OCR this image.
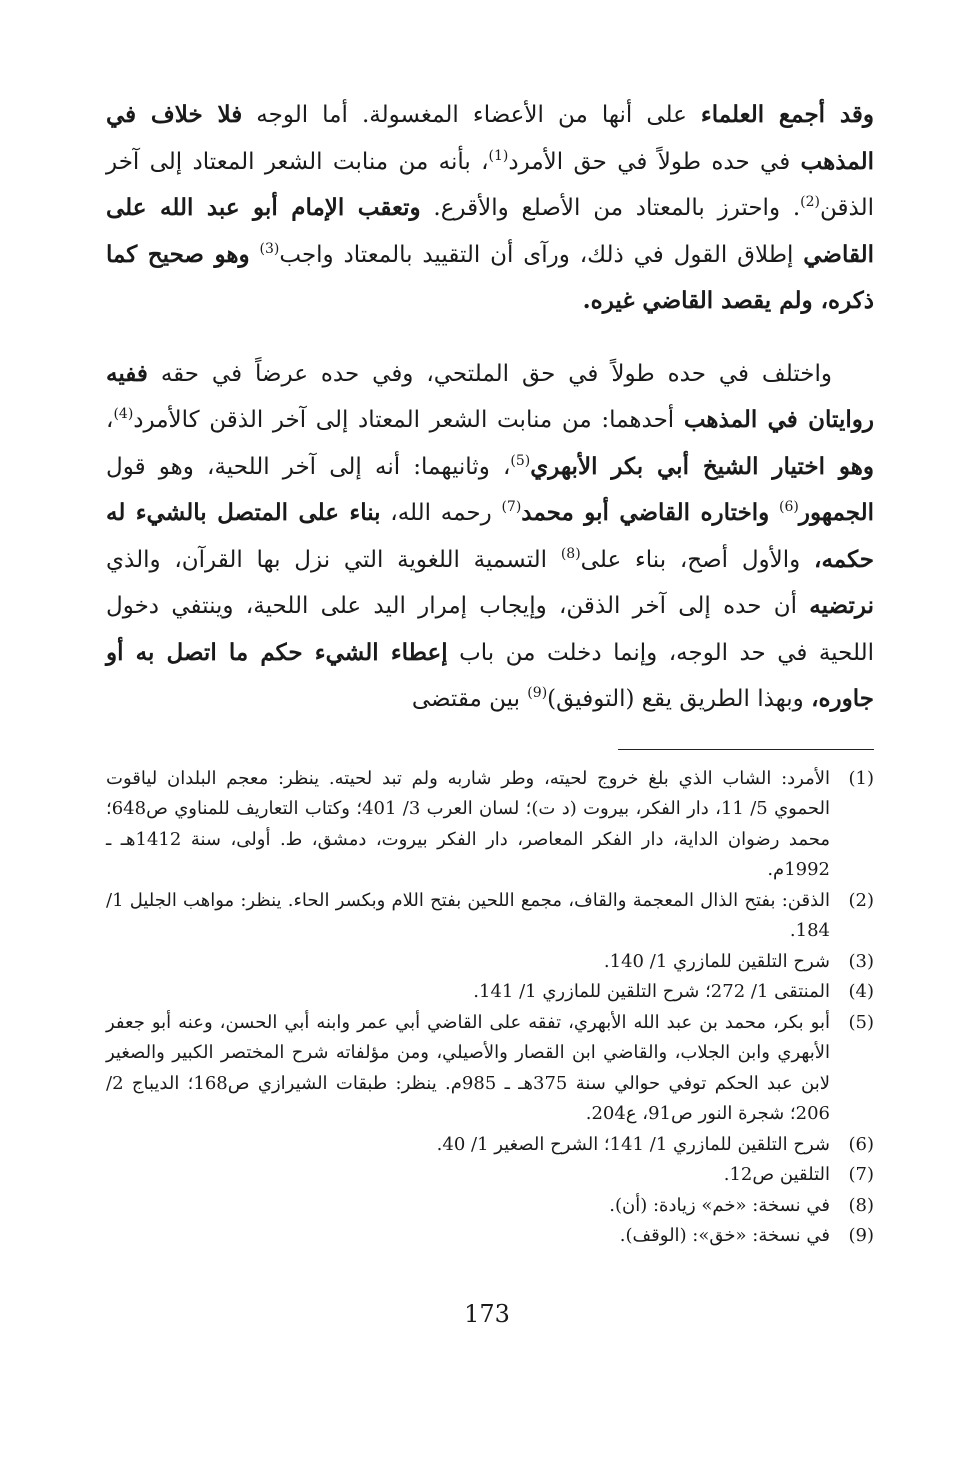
وقد أجمع العلماء على أنها من الأعضاء المغسولة. أما الوجه فلا خلاف في المذهب في حده طولاً في حق الأمرد$^{(1)}$، بأنه من منابت الشعر المعتاد إلى آخر الذقن$^{(2)}$. واحترز بالمعتاد من الأصلع والأقرع. وتعقب الإمام أبو عبد الله على القاضي إطلاق القول في ذلك، ورآى أن التقييد بالمعتاد واجب$^{(3)}$ وهو صحيح كما ذكره، ولم يقصد القاضي غيره.

واختلف في حده طولاً في حق الملتحي، وفي حده عرضاً في حقه ففيه روايتان في المذهب أحدهما: من منابت الشعر المعتاد إلى آخر الذقن كالأمرد$^{(4)}$، وهو اختيار الشيخ أبي بكر الأبهري$^{(5)}$، وثانيهما: أنه إلى آخر اللحية، وهو قول الجمهور$^{(6)}$ واختاره القاضي أبو محمد$^{(7)}$ رحمه الله، بناء على المتصل بالشيء له حكمه، والأول أصح، بناء على$^{(8)}$ التسمية اللغوية التي نزل بها القرآن، والذي نرتضيه أن حده إلى آخر الذقن، وإيجاب إمرار اليد على اللحية، وينتفي دخول اللحية في حد الوجه، وإنما دخلت من باب إعطاء الشيء حكم ما اتصل به أو جاوره، وبهذا الطريق يقع (التوفيق)$^{(9)}$ بين مقتضى

(1)
الأمرد: الشاب الذي بلغ خروج لحيته، وطر شاربه ولم تبد لحيته. ينظر: معجم البلدان لياقوت الحموي 5/ 11، دار الفكر، بيروت (د ت)؛ لسان العرب 3/ 401؛ وكتاب التعاريف للمناوي ص648؛ محمد رضوان الداية، دار الفكر المعاصر، دار الفكر بيروت، دمشق، ط. أولى، سنة 1412هـ ـ 1992م.
(2)
الذقن: بفتح الذال المعجمة والقاف، مجمع اللحين بفتح اللام وبكسر الحاء. ينظر: مواهب الجليل 1/ 184.
(3)
شرح التلقين للمازري 1/ 140.
(4)
المنتقى 1/ 272؛ شرح التلقين للمازري 1/ 141.
(5)
أبو بكر، محمد بن عبد الله الأبهري، تفقه على القاضي أبي عمر وابنه أبي الحسن، وعنه أبو جعفر الأبهري وابن الجلاب، والقاضي ابن القصار والأصيلي، ومن مؤلفاته شرح المختصر الكبير والصغير لابن عبد الحكم توفي حوالي سنة 375هـ ـ 985م. ينظر: طبقات الشيرازي ص168؛ الديباج 2/ 206؛ شجرة النور ص91، ع204.
(6)
شرح التلقين للمازري 1/ 141؛ الشرح الصغير 1/ 40.
(7)
التلقين ص12.
(8)
في نسخة: «خم» زيادة: (أن).
(9)
في نسخة: «خق»: (الوقف).
173
